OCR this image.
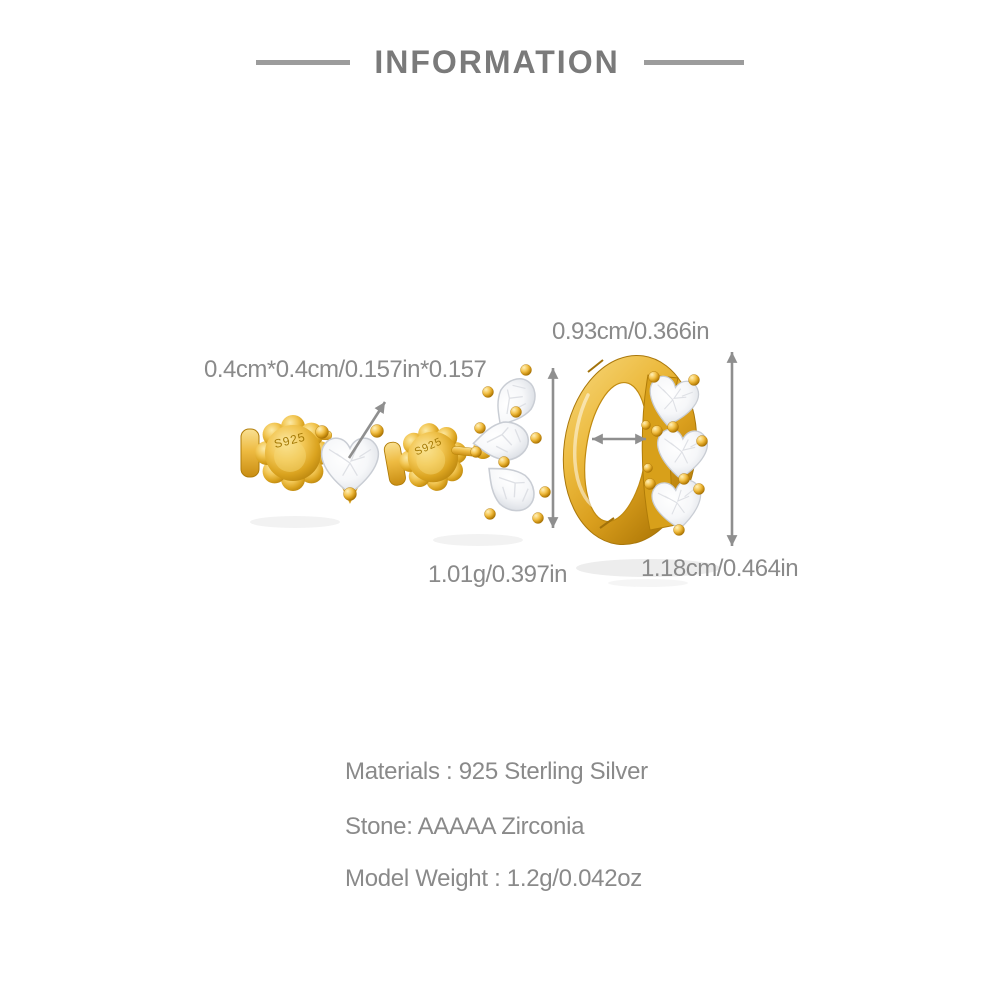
INFORMATION
0.4cm*0.4cm/0.157in*0.157
0.93cm/0.366in
1.01g/0.397in	1.18cm/0.464in
Materials : 925 Sterling Silver
Stone: AAAAA Zirconia
Model Weight : 1.2g/0.042oz
